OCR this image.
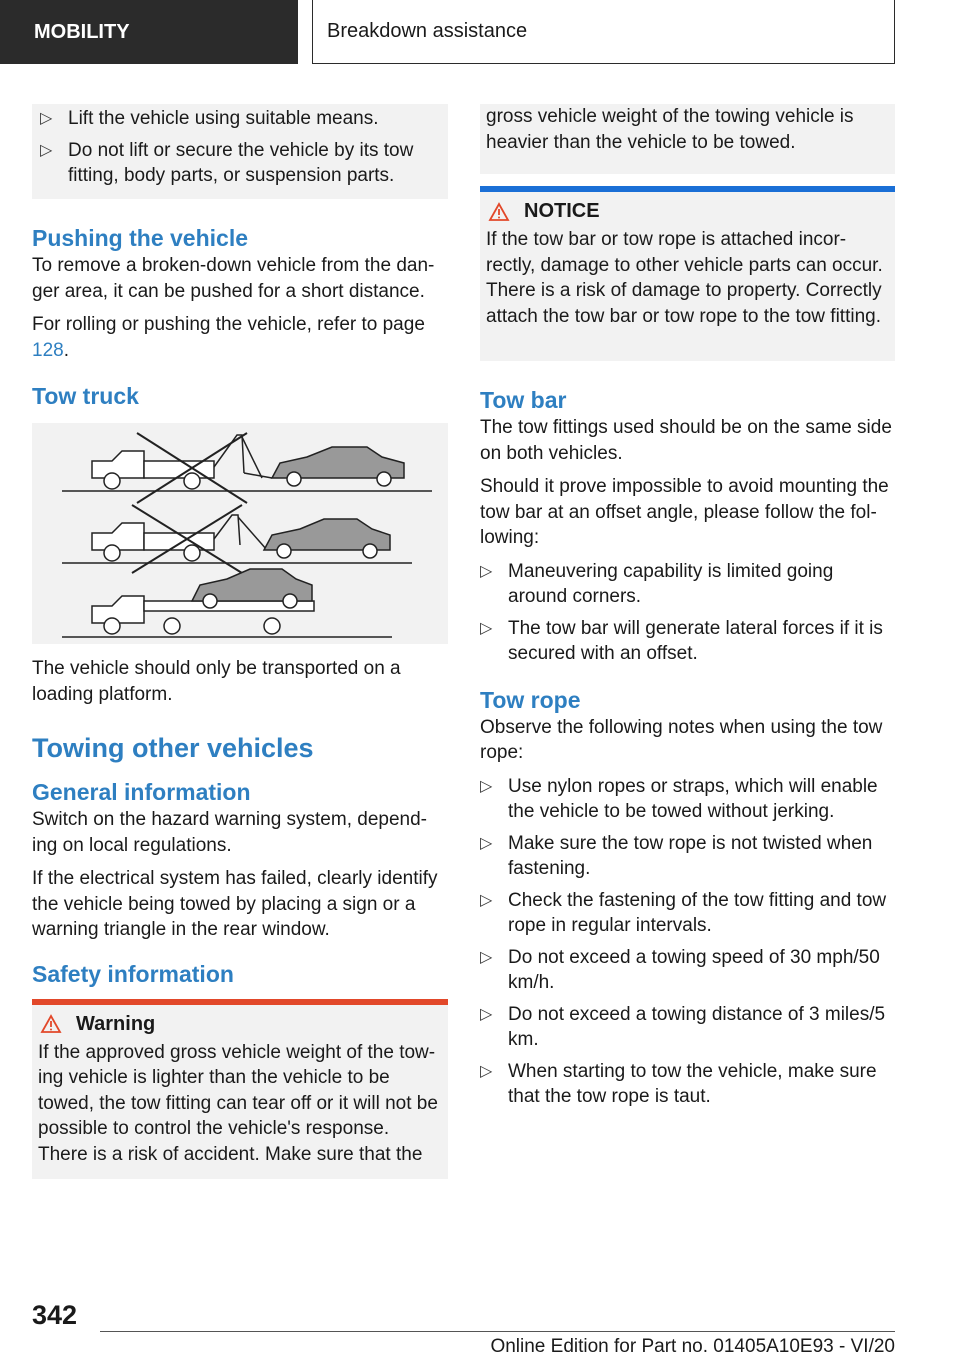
MOBILITY	Breakdown assistance
▷ Lift the vehicle using suitable means.
▷ Do not lift or secure the vehicle by its tow fitting, body parts, or suspension parts.
Pushing the vehicle

To remove a broken-down vehicle from the dan-ger area, it can be pushed for a short distance.

For rolling or pushing the vehicle, refer to page 128.

Tow truck

The vehicle should only be transported on a loading platform.

Towing other vehicles
General information

Switch on the hazard warning system, depend-ing on local regulations.

If the electrical system has failed, clearly identify the vehicle being towed by placing a sign or a warning triangle in the rear window.

Safety information
Warning

If the approved gross vehicle weight of the tow-ing vehicle is lighter than the vehicle to be towed, the tow fitting can tear off or it will not be possible to control the vehicle's response. There is a risk of accident. Make sure that the

gross vehicle weight of the towing vehicle is heavier than the vehicle to be towed.

NOTICE

If the tow bar or tow rope is attached incor-rectly, damage to other vehicle parts can occur. There is a risk of damage to property. Correctly attach the tow bar or tow rope to the tow fitting.

Tow bar

The tow fittings used should be on the same side on both vehicles.

Should it prove impossible to avoid mounting the tow bar at an offset angle, please follow the fol-lowing:

▷ Maneuvering capability is limited going around corners.
▷ The tow bar will generate lateral forces if it is secured with an offset.
Tow rope

Observe the following notes when using the tow rope:

▷ Use nylon ropes or straps, which will enable the vehicle to be towed without jerking.
▷ Make sure the tow rope is not twisted when fastening.
▷ Check the fastening of the tow fitting and tow rope in regular intervals.
▷ Do not exceed a towing speed of 30 mph/50 km/h.
▷ Do not exceed a towing distance of 3 miles/5 km.
▷ When starting to tow the vehicle, make sure that the tow rope is taut.
342
Online Edition for Part no. 01405A10E93 - VI/20
